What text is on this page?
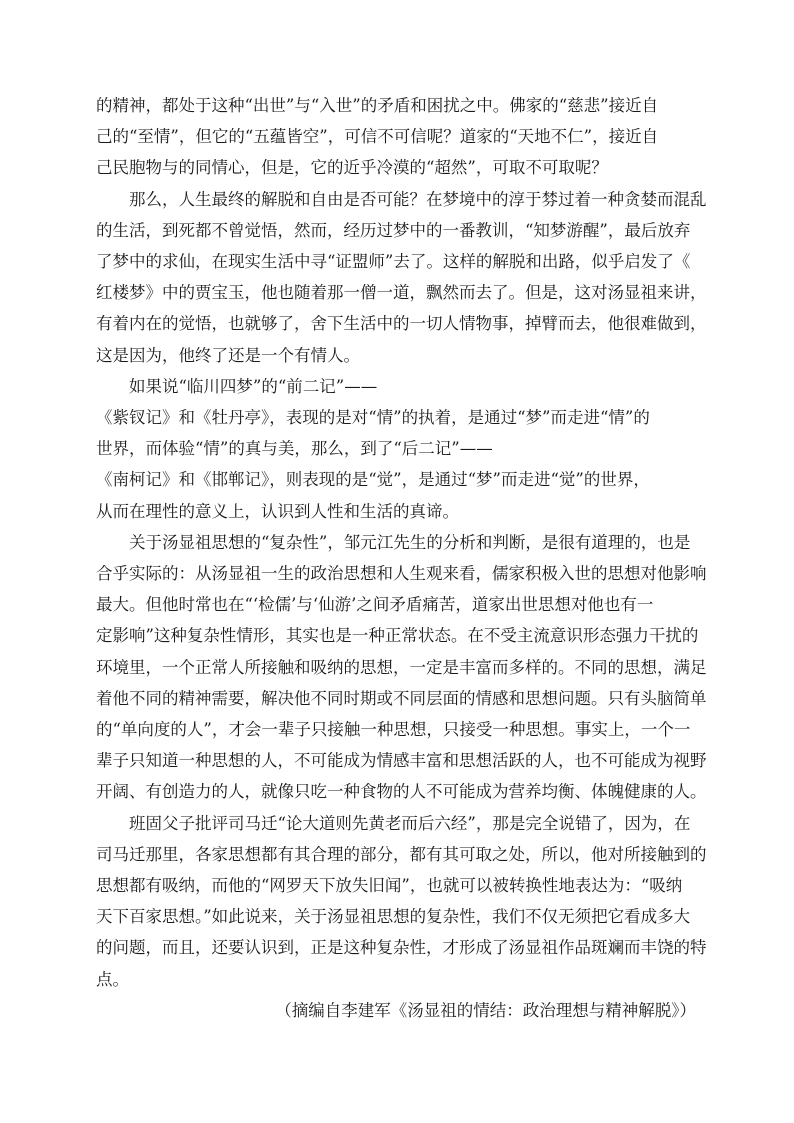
的精神，都处于这种“出世”与“入世”的矛盾和困扰之中。佛家的“慈悲”接近自
己的“至情”，但它的“五蕴皆空”，可信不可信呢？道家的“天地不仁”，接近自
己民胞物与的同情心，但是，它的近乎冷漠的“超然”，可取不可取呢？

那么，人生最终的解脱和自由是否可能？在梦境中的淳于棼过着一种贪婪而混乱
的生活，到死都不曾觉悟，然而，经历过梦中的一番教训，“知梦游醒”，最后放弃
了梦中的求仙，在现实生活中寻“证盟师”去了。这样的解脱和出路，似乎启发了《
红楼梦》中的贾宝玉，他也随着那一僧一道，飘然而去了。但是，这对汤显祖来讲，
有着内在的觉悟，也就够了，舍下生活中的一切人情物事，掉臂而去，他很难做到，
这是因为，他终了还是一个有情人。

如果说“临川四梦”的“前二记”——

《紫钗记》和《牡丹亭》，表现的是对“情”的执着，是通过“梦”而走进“情”的
世界，而体验“情”的真与美，那么，到了“后二记”——

《南柯记》和《邯郸记》，则表现的是“觉”，是通过“梦”而走进“觉”的世界，
从而在理性的意义上，认识到人性和生活的真谛。

关于汤显祖思想的“复杂性”，邹元江先生的分析和判断，是很有道理的，也是
合乎实际的：从汤显祖一生的政治思想和人生观来看，儒家积极入世的思想对他影响
最大。但他时常也在“‘检儒’与‘仙游’之间矛盾痛苦，道家出世思想对他也有一
定影响”这种复杂性情形，其实也是一种正常状态。在不受主流意识形态强力干扰的
环境里，一个正常人所接触和吸纳的思想，一定是丰富而多样的。不同的思想，满足
着他不同的精神需要，解决他不同时期或不同层面的情感和思想问题。只有头脑简单
的“单向度的人”，才会一辈子只接触一种思想，只接受一种思想。事实上，一个一
辈子只知道一种思想的人，不可能成为情感丰富和思想活跃的人，也不可能成为视野
开阔、有创造力的人，就像只吃一种食物的人不可能成为营养均衡、体魄健康的人。

班固父子批评司马迁“论大道则先黄老而后六经”，那是完全说错了，因为，在
司马迁那里，各家思想都有其合理的部分，都有其可取之处，所以，他对所接触到的
思想都有吸纳，而他的“网罗天下放失旧闻”，也就可以被转换性地表达为：“吸纳
天下百家思想。”如此说来，关于汤显祖思想的复杂性，我们不仅无须把它看成多大
的问题，而且，还要认识到，正是这种复杂性，才形成了汤显祖作品斑斓而丰饶的特
点。

（摘编自李建军《汤显祖的情结：政治理想与精神解脱》）
